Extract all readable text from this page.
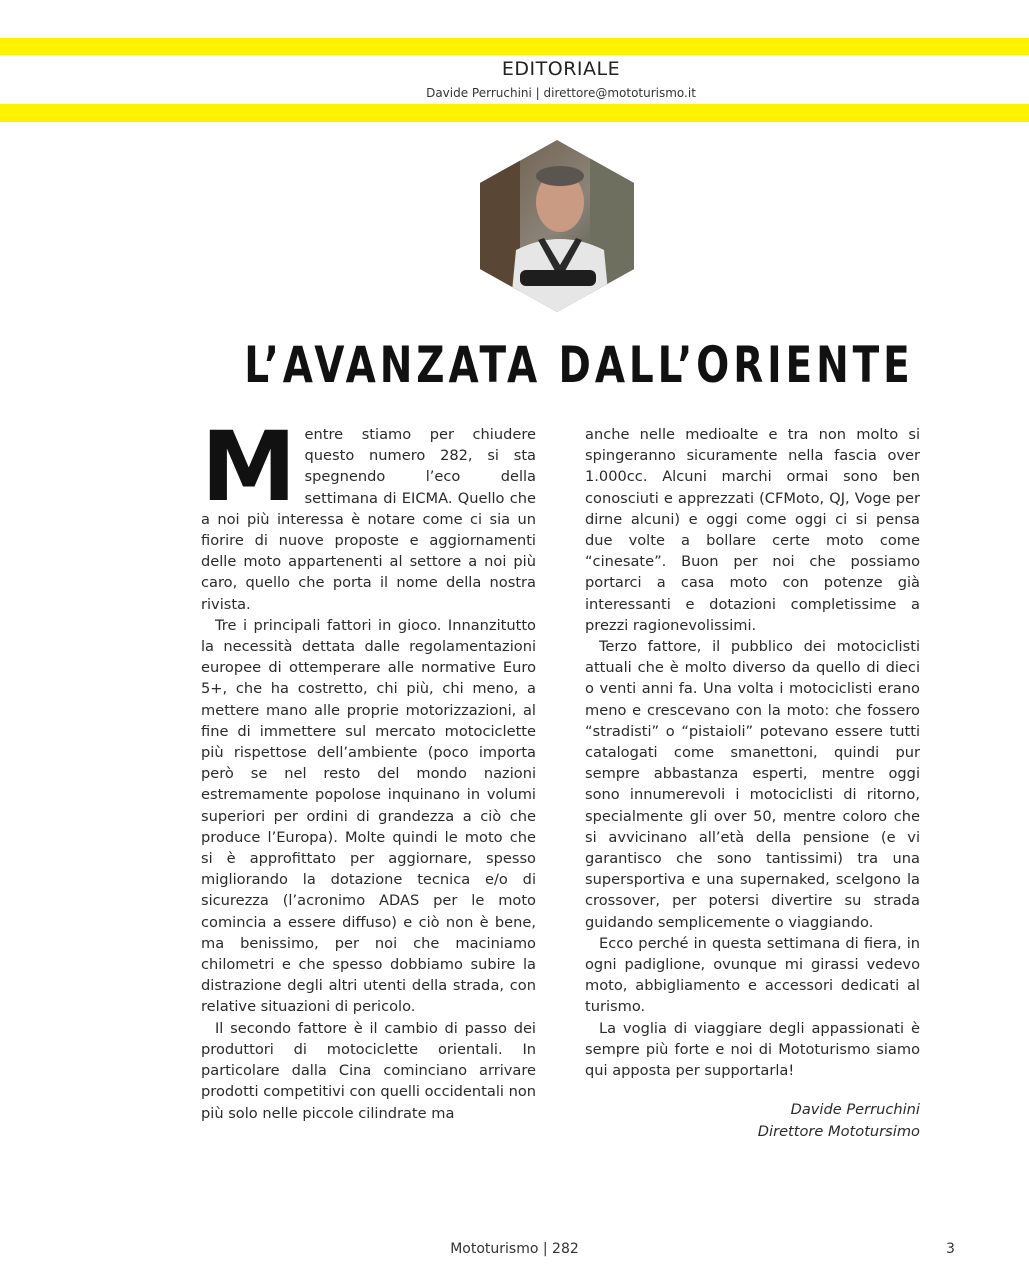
EDITORIALE
Davide Perruchini | direttore@mototurismo.it
L’AVANZATA DALL’ORIENTE

Mentre stiamo per chiudere questo numero 282, si sta spegnendo l’eco della settimana di EICMA. Quello che a noi più interessa è notare come ci sia un fiorire di nuove proposte e aggiornamenti delle moto appartenenti al settore a noi più caro, quello che porta il nome della nostra rivista.

Tre i principali fattori in gioco. Innanzitutto la necessità dettata dalle regolamentazioni europee di ottemperare alle normative Euro 5+, che ha costretto, chi più, chi meno, a mettere mano alle proprie motorizzazioni, al fine di immettere sul mercato motociclette più rispettose dell’ambiente (poco importa però se nel resto del mondo nazioni estremamente popolose inquinano in volumi superiori per ordini di grandezza a ciò che produce l’Europa). Molte quindi le moto che si è approfittato per aggiornare, spesso migliorando la dotazione tecnica e/o di sicurezza (l’acronimo ADAS per le moto comincia a essere diffuso) e ciò non è bene, ma benissimo, per noi che maciniamo chilometri e che spesso dobbiamo subire la distrazione degli altri utenti della strada, con relative situazioni di pericolo.

Il secondo fattore è il cambio di passo dei produttori di motociclette orientali. In particolare dalla Cina cominciano arrivare prodotti competitivi con quelli occidentali non più solo nelle piccole cilindrate ma

anche nelle medioalte e tra non molto si spingeranno sicuramente nella fascia over 1.000cc. Alcuni marchi ormai sono ben conosciuti e apprezzati (CFMoto, QJ, Voge per dirne alcuni) e oggi come oggi ci si pensa due volte a bollare certe moto come “cinesate”. Buon per noi che possiamo portarci a casa moto con potenze già interessanti e dotazioni completissime a prezzi ragionevolissimi.

Terzo fattore, il pubblico dei motociclisti attuali che è molto diverso da quello di dieci o venti anni fa. Una volta i motociclisti erano meno e crescevano con la moto: che fossero “stradisti” o “pistaioli” potevano essere tutti catalogati come smanettoni, quindi pur sempre abbastanza esperti, mentre oggi sono innumerevoli i motociclisti di ritorno, specialmente gli over 50, mentre coloro che si avvicinano all’età della pensione (e vi garantisco che sono tantissimi) tra una supersportiva e una supernaked, scelgono la crossover, per potersi divertire su strada guidando semplicemente o viaggiando.

Ecco perché in questa settimana di fiera, in ogni padiglione, ovunque mi girassi vedevo moto, abbigliamento e accessori dedicati al turismo.

La voglia di viaggiare degli appassionati è sempre più forte e noi di Mototurismo siamo qui apposta per supportarla!

Davide Perruchini
Direttore Mototursimo
Mototurismo | 282	3
